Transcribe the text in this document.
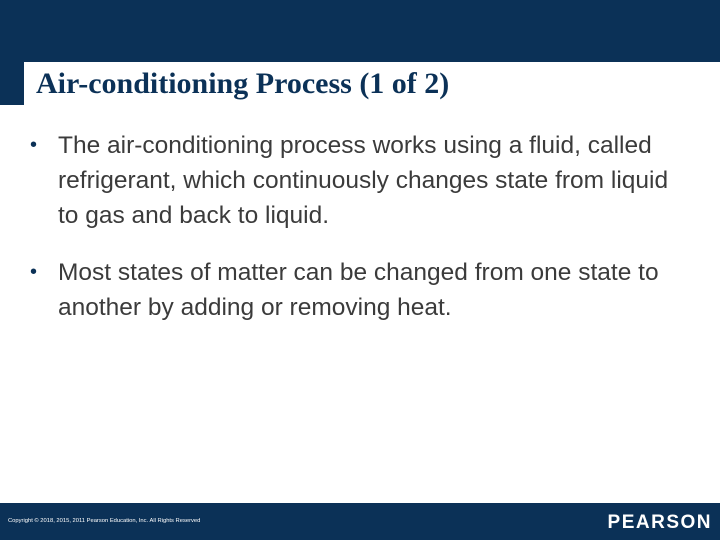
Air-conditioning Process (1 of 2)
• The air-conditioning process works using a fluid, called refrigerant, which continuously changes state from liquid to gas and back to liquid.
• Most states of matter can be changed from one state to another by adding or removing heat.
Copyright © 2018, 2015, 2011 Pearson Education, Inc. All Rights Reserved	PEARSON
